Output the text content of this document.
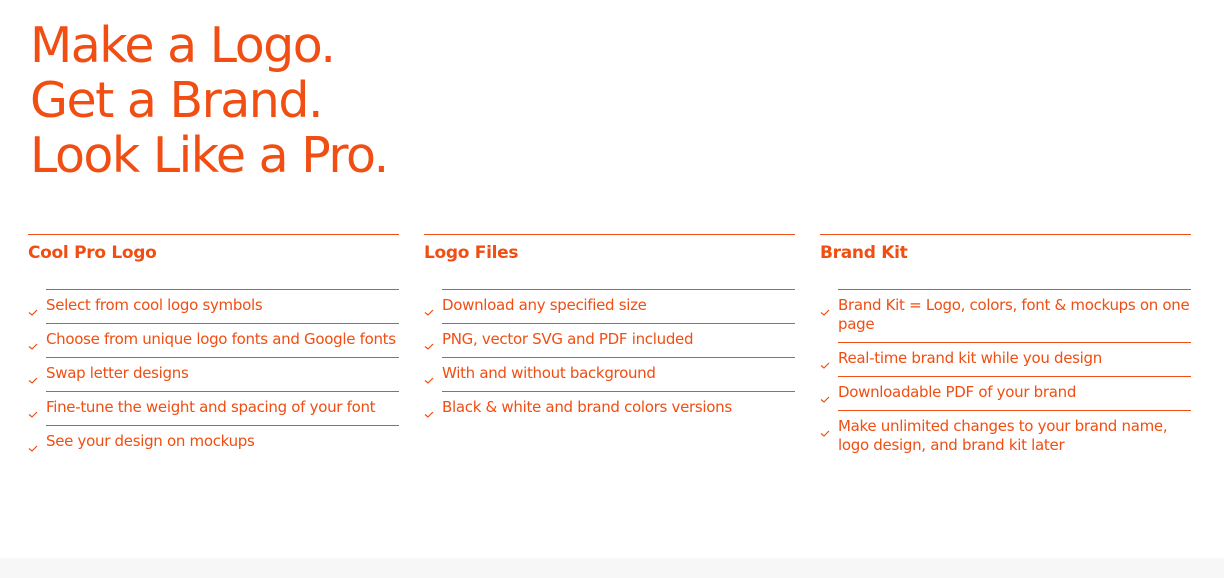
Make a Logo.
Get a Brand.
Look Like a Pro.
Cool Pro Logo
Select from cool logo symbols
Choose from unique logo fonts and Google fonts
Swap letter designs
Fine-tune the weight and spacing of your font
See your design on mockups
Logo Files
Download any specified size
PNG, vector SVG and PDF included
With and without background
Black & white and brand colors versions
Brand Kit
Brand Kit = Logo, colors, font & mockups on one page
Real-time brand kit while you design
Downloadable PDF of your brand
Make unlimited changes to your brand name, logo design, and brand kit later
